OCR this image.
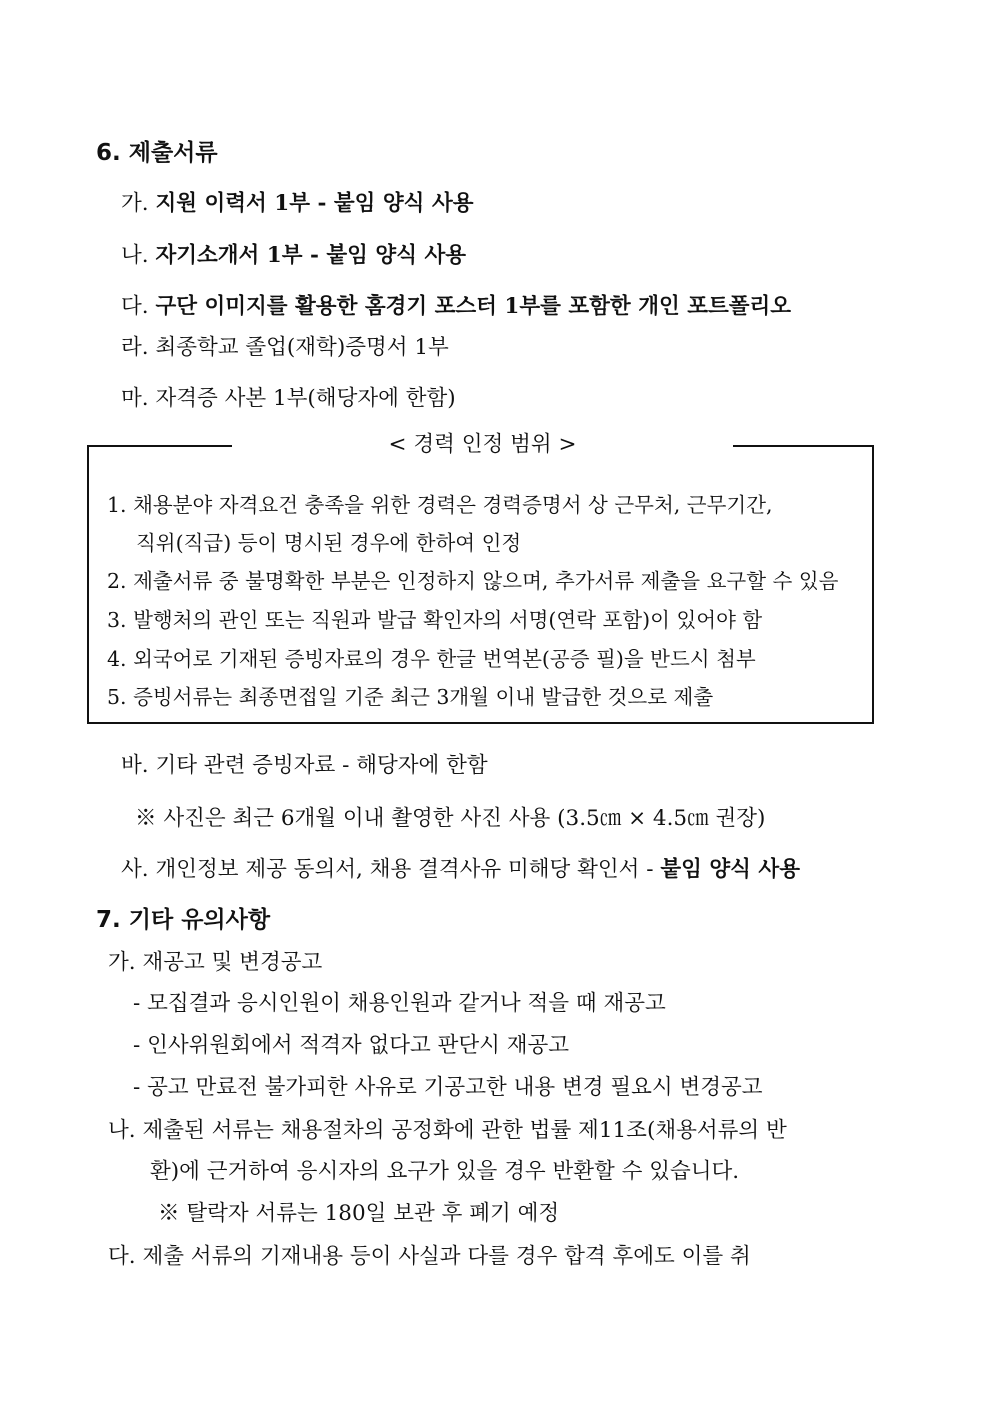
6. 제출서류
가. 지원 이력서 1부 - 붙임 양식 사용
나. 자기소개서 1부 - 붙임 양식 사용
다. 구단 이미지를 활용한 홈경기 포스터 1부를 포함한 개인 포트폴리오
라. 최종학교 졸업(재학)증명서 1부
마. 자격증 사본 1부(해당자에 한함)
< 경력 인정 범위 >
1. 채용분야 자격요건 충족을 위한 경력은 경력증명서 상 근무처, 근무기간,
직위(직급) 등이 명시된 경우에 한하여 인정
2. 제출서류 중 불명확한 부분은 인정하지 않으며, 추가서류 제출을 요구할 수 있음
3. 발행처의 관인 또는 직원과 발급 확인자의 서명(연락 포함)이 있어야 함
4. 외국어로 기재된 증빙자료의 경우 한글 번역본(공증 필)을 반드시 첨부
5. 증빙서류는 최종면접일 기준 최근 3개월 이내 발급한 것으로 제출
바. 기타 관련 증빙자료 - 해당자에 한함
※ 사진은 최근 6개월 이내 촬영한 사진 사용 (3.5㎝ × 4.5㎝ 권장)
사. 개인정보 제공 동의서, 채용 결격사유 미해당 확인서 - 붙임 양식 사용
7. 기타 유의사항
가. 재공고 및 변경공고
- 모집결과 응시인원이 채용인원과 같거나 적을 때 재공고
- 인사위원회에서 적격자 없다고 판단시 재공고
- 공고 만료전 불가피한 사유로 기공고한 내용 변경 필요시 변경공고
나. 제출된 서류는 채용절차의 공정화에 관한 법률 제11조(채용서류의 반
환)에 근거하여 응시자의 요구가 있을 경우 반환할 수 있습니다.
※ 탈락자 서류는 180일 보관 후 폐기 예정
다. 제출 서류의 기재내용 등이 사실과 다를 경우 합격 후에도 이를 취
